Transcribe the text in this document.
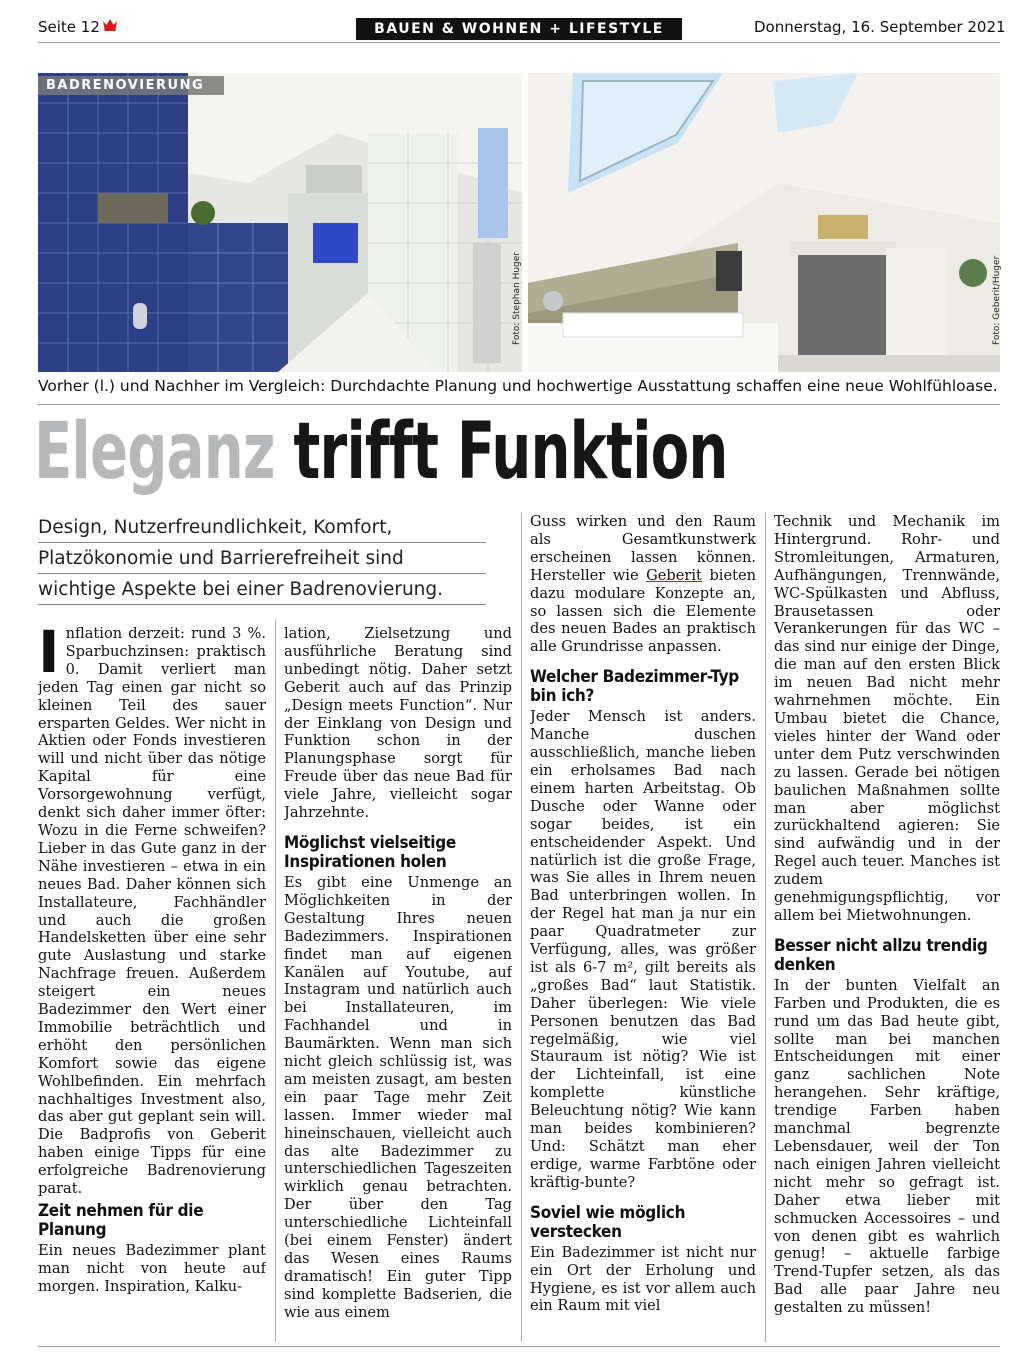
Seite 12	BAUEN & WOHNEN + LIFESTYLE	Donnerstag, 16. September 2021
BADRENOVIERUNG
Foto: Stephan Huger	Foto: Geberit/Huger
Vorher (l.) und Nachher im Vergleich: Durchdachte Planung und hochwertige Ausstattung schaffen eine neue Wohlfühloase.
Eleganz trifft Funktion
Design, Nutzerfreundlichkeit, Komfort,
Platzökonomie und Barrierefreiheit sind
wichtige Aspekte bei einer Badrenovierung.

Inflation derzeit: rund 3 %. Sparbuchzinsen: praktisch 0. Damit verliert man jeden Tag einen gar nicht so kleinen Teil des sauer ersparten Geldes. Wer nicht in Aktien oder Fonds investieren will und nicht über das nötige Kapital für eine Vorsorgewohnung verfügt, denkt sich daher immer öfter: Wozu in die Ferne schweifen? Lieber in das Gute ganz in der Nähe investieren – etwa in ein neues Bad. Daher können sich Installateure, Fachhändler und auch die großen Handelsketten über eine sehr gute Auslastung und starke Nachfrage freuen. Außerdem steigert ein neues Badezimmer den Wert einer Immobilie beträchtlich und erhöht den persönlichen Komfort sowie das eigene Wohlbefinden. Ein mehrfach nachhaltiges Investment also, das aber gut geplant sein will. Die Badprofis von Geberit haben einige Tipps für eine erfolgreiche Badrenovierung parat.

Zeit nehmen für die Planung

Ein neues Badezimmer plant man nicht von heute auf morgen. Inspiration, Kalku-

lation, Zielsetzung und ausführliche Beratung sind unbedingt nötig. Daher setzt Geberit auch auf das Prinzip „Design meets Function“. Nur der Einklang von Design und Funktion schon in der Planungsphase sorgt für Freude über das neue Bad für viele Jahre, vielleicht sogar Jahrzehnte.

Möglichst vielseitige Inspirationen holen

Es gibt eine Unmenge an Möglichkeiten in der Gestaltung Ihres neuen Badezimmers. Inspirationen findet man auf eigenen Kanälen auf Youtube, auf Instagram und natürlich auch bei Installateuren, im Fachhandel und in Baumärkten. Wenn man sich nicht gleich schlüssig ist, was am meisten zusagt, am besten ein paar Tage mehr Zeit lassen. Immer wieder mal hineinschauen, vielleicht auch das alte Badezimmer zu unterschiedlichen Tageszeiten wirklich genau betrachten. Der über den Tag unterschiedliche Lichteinfall (bei einem Fenster) ändert das Wesen eines Raums dramatisch! Ein guter Tipp sind komplette Badserien, die wie aus einem

Guss wirken und den Raum als Gesamtkunstwerk erscheinen lassen können. Hersteller wie Geberit bieten dazu modulare Konzepte an, so lassen sich die Elemente des neuen Bades an praktisch alle Grundrisse anpassen.

Welcher Badezimmer-Typ bin ich?

Jeder Mensch ist anders. Manche duschen ausschließlich, manche lieben ein erholsames Bad nach einem harten Arbeitstag. Ob Dusche oder Wanne oder sogar beides, ist ein entscheidender Aspekt. Und natürlich ist die große Frage, was Sie alles in Ihrem neuen Bad unterbringen wollen. In der Regel hat man ja nur ein paar Quadratmeter zur Verfügung, alles, was größer ist als 6-7 m², gilt bereits als „großes Bad“ laut Statistik. Daher überlegen: Wie viele Personen benutzen das Bad regelmäßig, wie viel Stauraum ist nötig? Wie ist der Lichteinfall, ist eine komplette künstliche Beleuchtung nötig? Wie kann man beides kombinieren? Und: Schätzt man eher erdige, warme Farbtöne oder kräftig-bunte?

Soviel wie möglich verstecken

Ein Badezimmer ist nicht nur ein Ort der Erholung und Hygiene, es ist vor allem auch ein Raum mit viel

Technik und Mechanik im Hintergrund. Rohr- und Stromleitungen, Armaturen, Aufhängungen, Trennwände, WC-Spülkasten und Abfluss, Brausetassen oder Verankerungen für das WC – das sind nur einige der Dinge, die man auf den ersten Blick im neuen Bad nicht mehr wahrnehmen möchte. Ein Umbau bietet die Chance, vieles hinter der Wand oder unter dem Putz verschwinden zu lassen. Gerade bei nötigen baulichen Maßnahmen sollte man aber möglichst zurückhaltend agieren: Sie sind aufwändig und in der Regel auch teuer. Manches ist zudem genehmigungspflichtig, vor allem bei Mietwohnungen.

Besser nicht allzu trendig denken

In der bunten Vielfalt an Farben und Produkten, die es rund um das Bad heute gibt, sollte man bei manchen Entscheidungen mit einer ganz sachlichen Note herangehen. Sehr kräftige, trendige Farben haben manchmal begrenzte Lebensdauer, weil der Ton nach einigen Jahren vielleicht nicht mehr so gefragt ist. Daher etwa lieber mit schmucken Accessoires – und von denen gibt es wahrlich genug! – aktuelle farbige Trend-Tupfer setzen, als das Bad alle paar Jahre neu gestalten zu müssen!
